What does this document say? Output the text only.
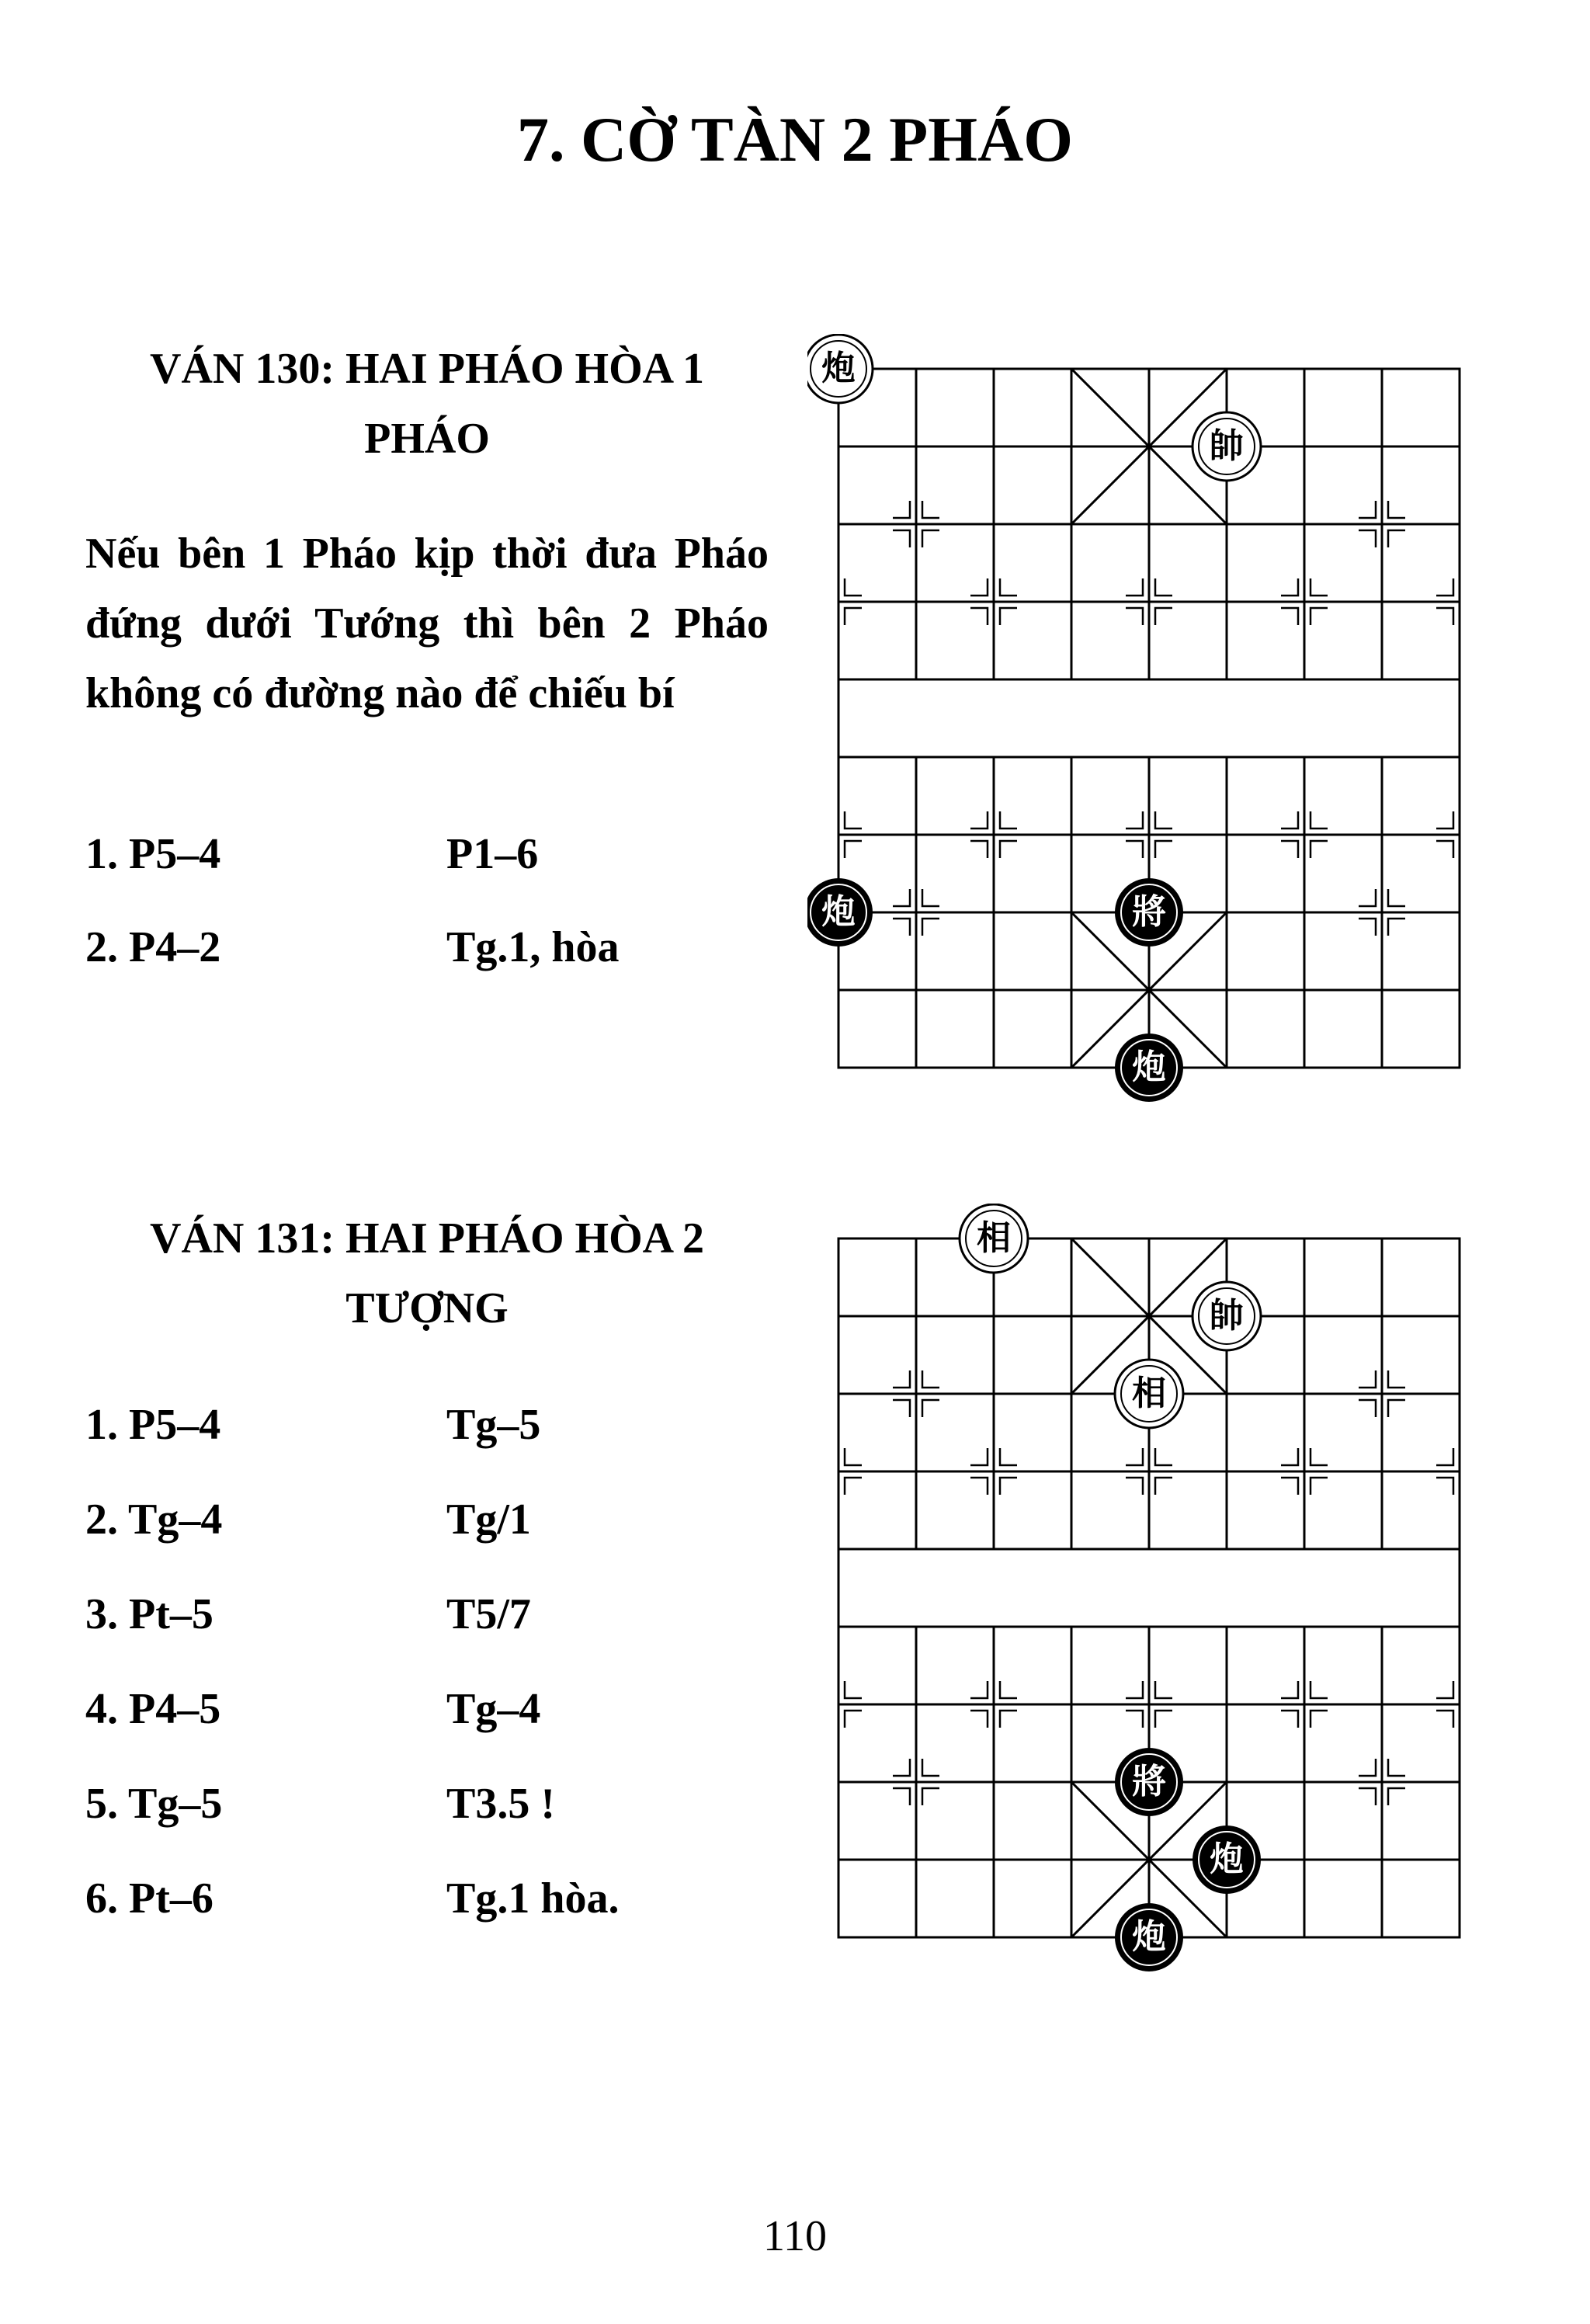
7. CỜ TÀN 2 PHÁO
VÁN 130: HAI PHÁO HÒA 1
PHÁO
Nếu bên 1 Pháo kịp thời đưa Pháo đứng dưới Tướng thì bên 2 Pháo không có đường nào để chiếu bí
1. P5–4	P1–6
2. P4–2	Tg.1, hòa
炮
帥
炮	將
炮
VÁN 131: HAI PHÁO HÒA 2
TƯỢNG
1. P5–4	Tg–5
2. Tg–4	Tg/1
3. Pt–5	T5/7
4. P4–5	Tg–4
5. Tg–5	T3.5 !
6. Pt–6	Tg.1 hòa.
相
帥
相
將
炮
炮
110
